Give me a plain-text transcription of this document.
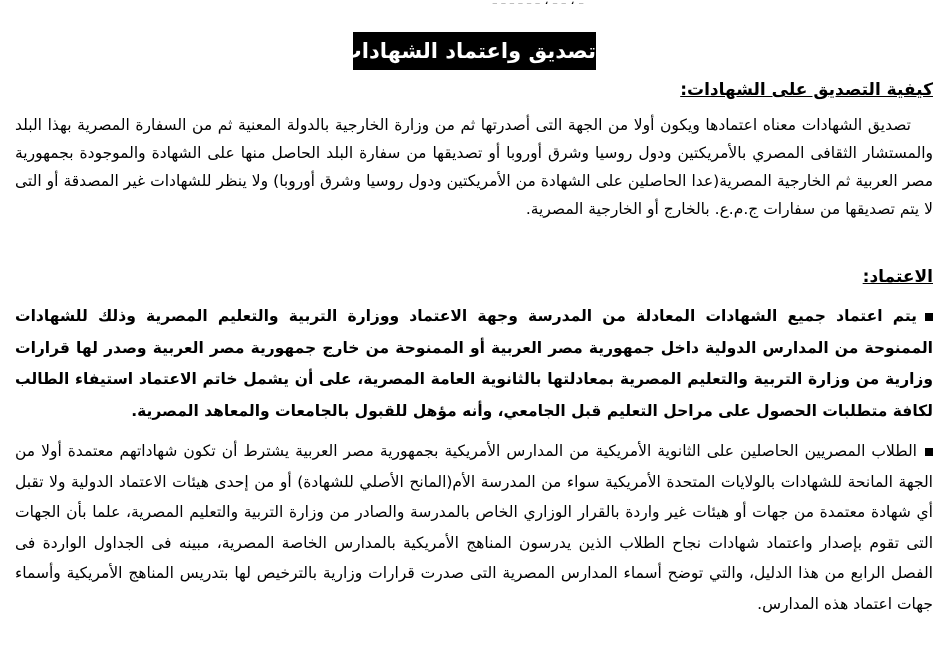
تصديق واعتماد الشهادات
كيفية التصديق على الشهادات:

تصديق الشهادات معناه اعتمادها ويكون أولا من الجهة التى أصدرتها ثم من وزارة الخارجية بالدولة المعنية ثم من السفارة المصرية بهذا البلد والمستشار الثقافى المصري بالأمريكتين ودول روسيا وشرق أوروبا أو تصديقها من سفارة البلد الحاصل منها على الشهادة والموجودة بجمهورية مصر العربية ثم الخارجية المصرية(عدا الحاصلين على الشهادة من الأمريكتين ودول روسيا وشرق أوروبا) ولا ينظر للشهادات غير المصدقة أو التى لا يتم تصديقها من سفارات ج.م.ع. بالخارج أو الخارجية المصرية.

الاعتماد:

يتم اعتماد جميع الشهادات المعادلة من المدرسة وجهة الاعتماد ووزارة التربية والتعليم المصرية وذلك للشهادات الممنوحة من المدارس الدولية داخل جمهورية مصر العربية أو الممنوحة من خارج جمهورية مصر العربية وصدر لها قرارات وزارية من وزارة التربية والتعليم المصرية بمعادلتها بالثانوية العامة المصرية، على أن يشمل خاتم الاعتماد استيفاء الطالب لكافة متطلبات الحصول على مراحل التعليم قبل الجامعي، وأنه مؤهل للقبول بالجامعات والمعاهد المصرية.

الطلاب المصريين الحاصلين على الثانوية الأمريكية من المدارس الأمريكية بجمهورية مصر العربية يشترط أن تكون شهاداتهم معتمدة أولا من الجهة المانحة للشهادات بالولايات المتحدة الأمريكية سواء من المدرسة الأم(المانح الأصلي للشهادة) أو من إحدى هيئات الاعتماد الدولية ولا تقبل أي شهادة معتمدة من جهات أو هيئات غير واردة بالقرار الوزاري الخاص بالمدرسة والصادر من وزارة التربية والتعليم المصرية، علما بأن الجهات التى تقوم بإصدار واعتماد شهادات نجاح الطلاب الذين يدرسون المناهج الأمريكية بالمدارس الخاصة المصرية، مبينه فى الجداول الواردة فى الفصل الرابع من هذا الدليل، والتي توضح أسماء المدارس المصرية التى صدرت قرارات وزارية بالترخيص لها بتدريس المناهج الأمريكية وأسماء جهات اعتماد هذه المدارس.
